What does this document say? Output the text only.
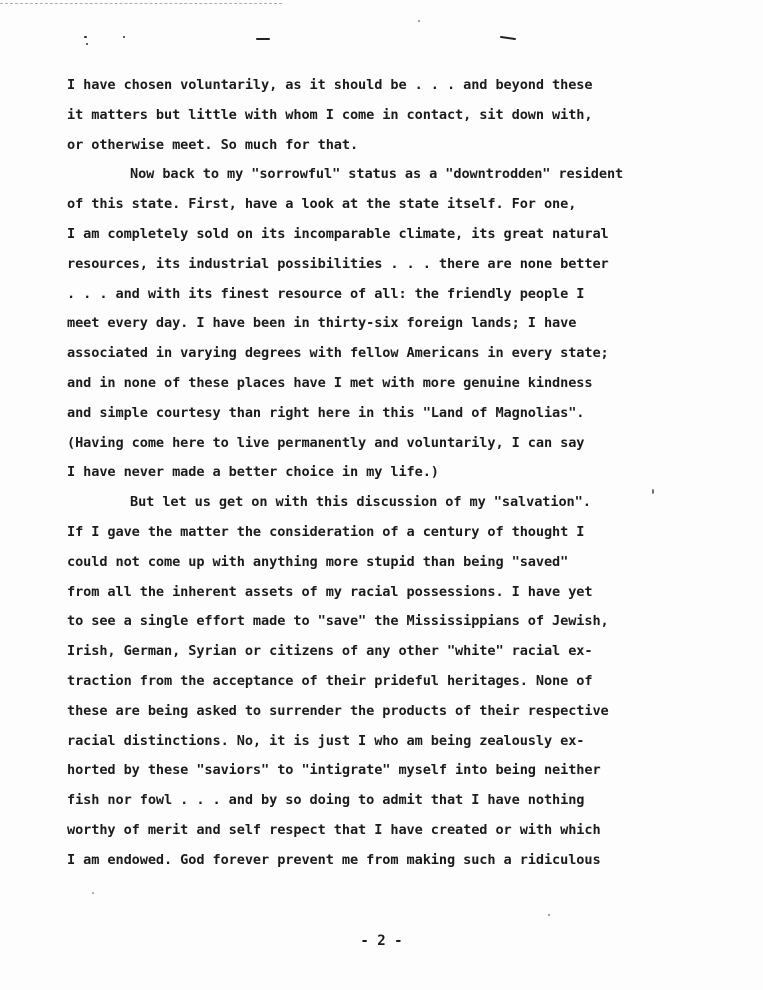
I have chosen voluntarily, as it should be . . . and beyond these
it matters but little with whom I come in contact, sit down with,
or otherwise meet. So much for that.
Now back to my "sorrowful" status as a "downtrodden" resident
of this state. First, have a look at the state itself. For one,
I am completely sold on its incomparable climate, its great natural
resources, its industrial possibilities . . . there are none better
. . . and with its finest resource of all: the friendly people I
meet every day. I have been in thirty-six foreign lands; I have
associated in varying degrees with fellow Americans in every state;
and in none of these places have I met with more genuine kindness
and simple courtesy than right here in this "Land of Magnolias".
(Having come here to live permanently and voluntarily, I can say
I have never made a better choice in my life.)
But let us get on with this discussion of my "salvation".
If I gave the matter the consideration of a century of thought I
could not come up with anything more stupid than being "saved"
from all the inherent assets of my racial possessions. I have yet
to see a single effort made to "save" the Mississippians of Jewish,
Irish, German, Syrian or citizens of any other "white" racial ex-
traction from the acceptance of their prideful heritages. None of
these are being asked to surrender the products of their respective
racial distinctions. No, it is just I who am being zealously ex-
horted by these "saviors" to "intigrate" myself into being neither
fish nor fowl . . . and by so doing to admit that I have nothing
worthy of merit and self respect that I have created or with which
I am endowed. God forever prevent me from making such a ridiculous
- 2 -
